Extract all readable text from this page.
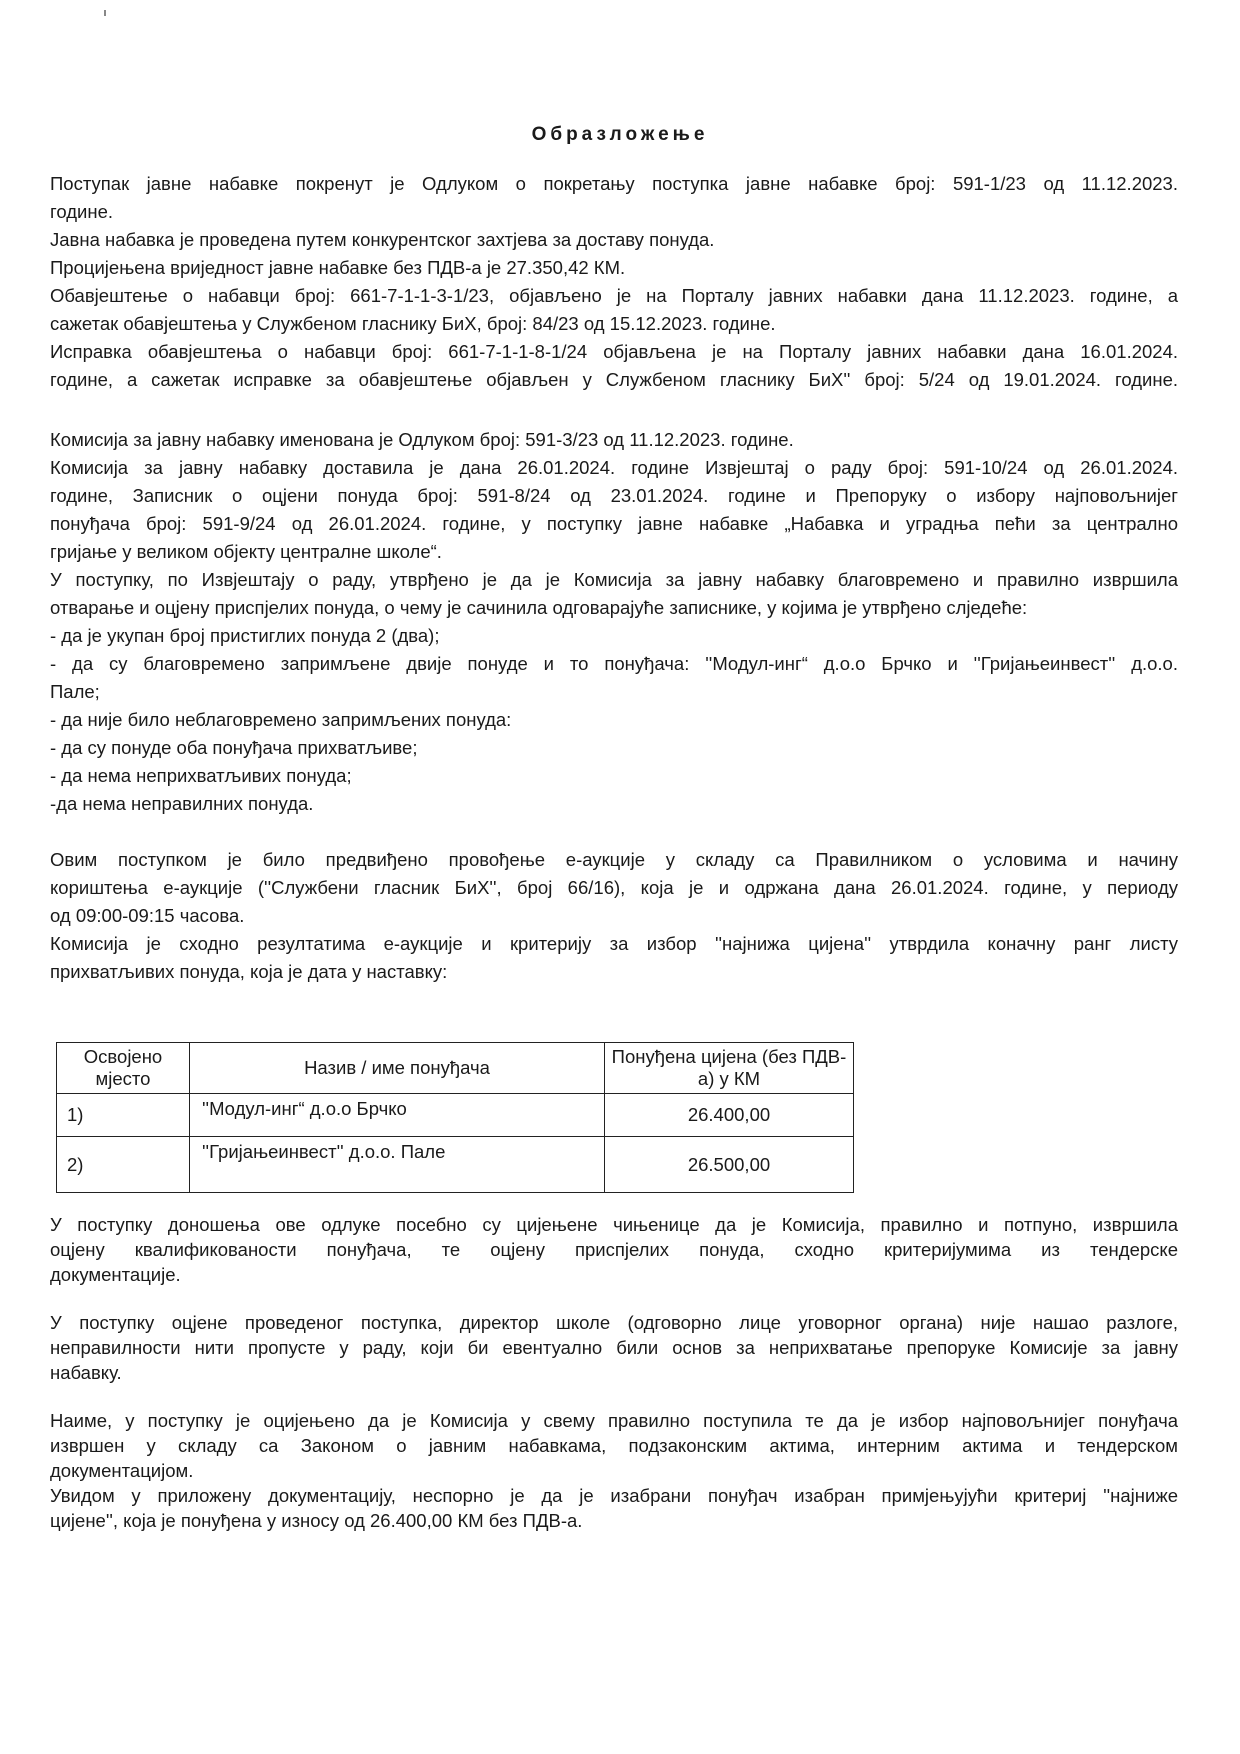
Образложење

Поступак јавне набавке покренут је Одлуком о покретању поступка јавне набавке број: 591-1/23 од 11.12.2023.

године.

Јавна набавка је проведена путем конкурентског захтјева за доставу понуда.

Процијењена вриједност јавне набавке без ПДВ-а је 27.350,42 КМ.

Обавјештење о набавци број: 661-7-1-1-3-1/23, објављено је на Порталу јавних набавки дана 11.12.2023. године, а

сажетак обавјештења у Службеном гласнику БиХ, број: 84/23 од 15.12.2023. године.

Исправка обавјештења о набавци број: 661-7-1-1-8-1/24 објављена је на Порталу јавних набавки дана 16.01.2024.

године, а сажетак исправке за обавјештење објављен у Службеном гласнику БиХ'' број: 5/24 од 19.01.2024. године.

Комисија за јавну набавку именована је Одлуком број: 591-3/23 од 11.12.2023. године.

Комисија за јавну набавку доставила је дана 26.01.2024. године Извјештај о раду број: 591-10/24 од 26.01.2024.

године, Записник о оцјени понуда број: 591-8/24 од 23.01.2024. године и Препоруку о избору најповољнијег

понуђача број: 591-9/24 од 26.01.2024. године, у поступку јавне набавке „Набавка и уградња пећи за централно

гријање у великом објекту централне школе“.

У поступку, по Извјештају о раду, утврђено је да је Комисија за јавну набавку благовремено и правилно извршила

отварање и оцјену приспјелих понуда, о чему је сачинила одговарајуће записнике, у којима је утврђено слједеће:

- да је укупан број пристиглих понуда 2 (два);

- да су благовремено запримљене двије понуде и то понуђача: ''Модул-инг“ д.о.о Брчко и ''Гријањеинвест'' д.о.о.

Пале;

- да није било неблаговремено запримљених понуда:

- да су понуде оба понуђача прихватљиве;

- да нема неприхватљивих понуда;

-да нема неправилних понуда.

Овим поступком је било предвиђено провођење е-аукције у складу са Правилником о условима и начину

кориштења е-аукције (''Службени гласник БиХ'', број 66/16), која је и одржана дана 26.01.2024. године, у периоду

од 09:00-09:15 часова.

Комисија је сходно резултатима е-аукције и критерију за избор ''најнижа цијена'' утврдила коначну ранг листу

прихватљивих понуда, која је дата у наставку:

Освојено мјесто	Назив / име понуђача	Понуђена цијена (без ПДВ-а) у КМ
1)	''Модул-инг“ д.о.о Брчко	26.400,00
2)	''Гријањеинвест'' д.о.о. Пале	26.500,00

У поступку доношења ове одлуке посебно су цијењене чињенице да је Комисија, правилно и потпуно, извршила

оцјену квалификованости понуђача, те оцјену приспјелих понуда, сходно критеријумима из тендерске

документације.

У поступку оцјене проведеног поступка, директор школе (одговорно лице уговорног органа) није нашао разлоге,

неправилности нити пропусте у раду, који би евентуално били основ за неприхватање препоруке Комисије за јавну

набавку.

Наиме, у поступку је оцијењено да је Комисија у свему правилно поступила те да је избор најповољнијег понуђача

извршен у складу са Законом о јавним набавкама, подзаконским актима, интерним актима и тендерском

документацијом.

Увидом у приложену документацију, неспорно је да је изабрани понуђач изабран примјењујући критериј ''најниже

цијене'', која је понуђена у износу од 26.400,00 КМ без ПДВ-а.
